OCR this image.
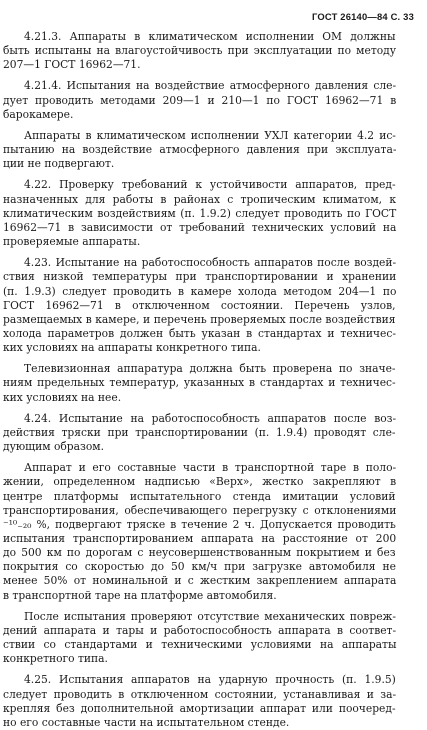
ГОСТ 26140—84 С. 33
4.21.3. Аппараты в климатическом исполнении ОМ должны
быть испытаны на влагоустойчивость при эксплуатации по методу
207—1 ГОСТ 16962—71.
4.21.4. Испытания на воздействие атмосферного давления сле-
дует проводить методами 209—1 и 210—1 по ГОСТ 16962—71 в
барокамере.
Аппараты в климатическом исполнении УХЛ категории 4.2 ис-
пытанию на воздействие атмосферного давления при эксплуата-
ции не подвергают.
4.22. Проверку требований к устойчивости аппаратов, пред-
назначенных для работы в районах с тропическим климатом, к
климатическим воздействиям (п. 1.9.2) следует проводить по ГОСТ
16962—71 в зависимости от требований технических условий на
проверяемые аппараты.
4.23. Испытание на работоспособность аппаратов после воздей-
ствия низкой температуры при транспортировании и хранении
(п. 1.9.3) следует проводить в камере холода методом 204—1 по
ГОСТ 16962—71 в отключенном состоянии. Перечень узлов,
размещаемых в камере, и перечень проверяемых после воздействия
холода параметров должен быть указан в стандартах и техничес-
ких условиях на аппараты конкретного типа.
Телевизионная аппаратура должна быть проверена по значе-
ниям предельных температур, указанных в стандартах и техничес-
ких условиях на нее.
4.24. Испытание на работоспособность аппаратов после воз-
действия тряски при транспортировании (п. 1.9.4) проводят сле-
дующим образом.
Аппарат и его составные части в транспортной таре в поло-
жении, определенном надписью «Верх», жестко закрепляют в
центре платформы испытательного стенда имитации условий
транспортирования, обеспечивающего перегрузку с отклонениями
⁻¹⁰₋₂₀ %, подвергают тряске в течение 2 ч. Допускается проводить
испытания транспортированием аппарата на расстояние от 200
до 500 км по дорогам с неусовершенствованным покрытием и без
покрытия со скоростью до 50 км/ч при загрузке автомобиля не
менее 50% от номинальной и с жестким закреплением аппарата
в транспортной таре на платформе автомобиля.
После испытания проверяют отсутствие механических повреж-
дений аппарата и тары и работоспособность аппарата в соответ-
ствии со стандартами и техническими условиями на аппараты
конкретного типа.
4.25. Испытания аппаратов на ударную прочность (п. 1.9.5)
следует проводить в отключенном состоянии, устанавливая и за-
крепляя без дополнительной амортизации аппарат или поочеред-
но его составные части на испытательном стенде.
